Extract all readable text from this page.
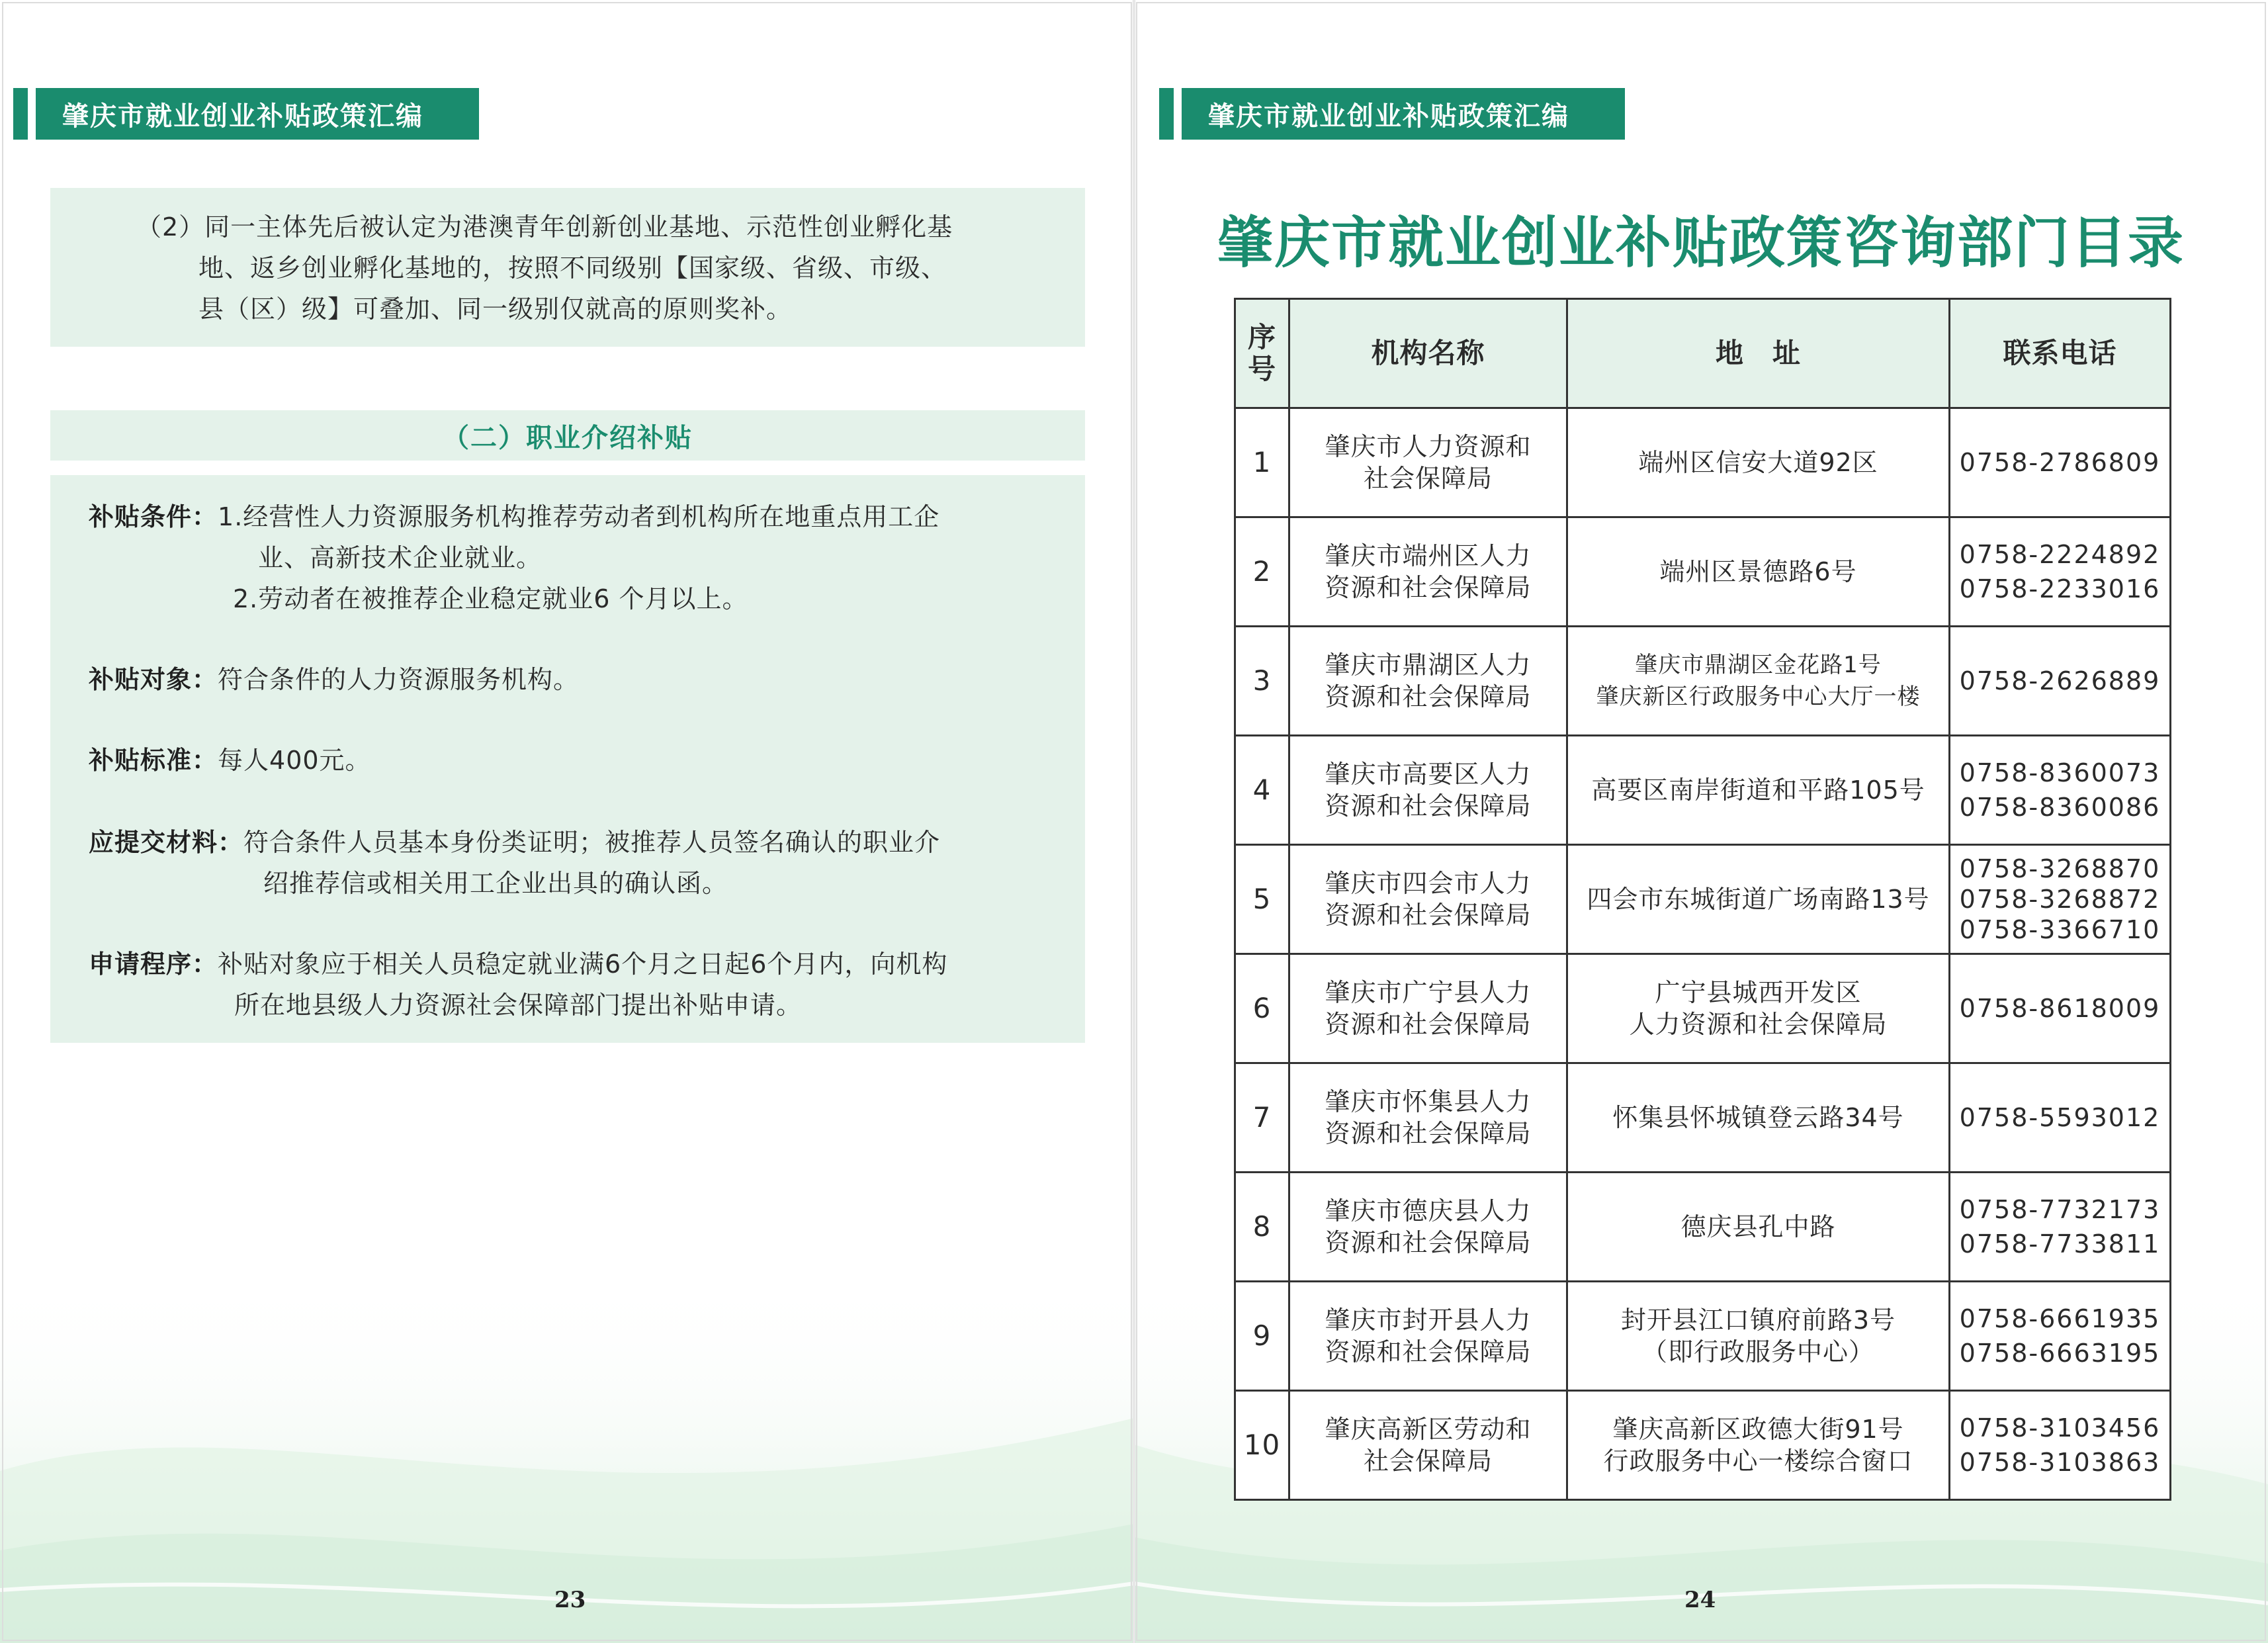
肇庆市就业创业补贴政策汇编
（2）同一主体先后被认定为港澳青年创新创业基地、示范性创业孵化基
地、返乡创业孵化基地的，按照不同级别【国家级、省级、市级、
县（区）级】可叠加、同一级别仅就高的原则奖补。
（二）职业介绍补贴
补贴条件：1.经营性人力资源服务机构推荐劳动者到机构所在地重点用工企
业、高新技术企业就业。
2.劳动者在被推荐企业稳定就业6 个月以上。
补贴对象：符合条件的人力资源服务机构。
补贴标准：每人400元。
应提交材料：符合条件人员基本身份类证明；被推荐人员签名确认的职业介
绍推荐信或相关用工企业出具的确认函。
申请程序：补贴对象应于相关人员稳定就业满6个月之日起6个月内，向机构
所在地县级人力资源社会保障部门提出补贴申请。
23
肇庆市就业创业补贴政策汇编
肇庆市就业创业补贴政策咨询部门目录
序
号	机构名称	地　址	联系电话
1	肇庆市人力资源和
社会保障局	端州区信安大道92区	0758-2786809

2	肇庆市端州区人力
资源和社会保障局	端州区景德路6号	0758-2224892
0758-2233016

3	肇庆市鼎湖区人力
资源和社会保障局	肇庆市鼎湖区金花路1号
肇庆新区行政服务中心大厅一楼	0758-2626889

4	肇庆市高要区人力
资源和社会保障局	高要区南岸街道和平路105号	0758-8360073
0758-8360086

5	肇庆市四会市人力
资源和社会保障局	四会市东城街道广场南路13号	0758-3268870
0758-3268872
0758-3366710

6	肇庆市广宁县人力
资源和社会保障局	广宁县城西开发区
人力资源和社会保障局	0758-8618009

7	肇庆市怀集县人力
资源和社会保障局	怀集县怀城镇登云路34号	0758-5593012

8	肇庆市德庆县人力
资源和社会保障局	德庆县孔中路	0758-7732173
0758-7733811

9	肇庆市封开县人力
资源和社会保障局	封开县江口镇府前路3号
（即行政服务中心）	0758-6661935
0758-6663195

10	肇庆高新区劳动和
社会保障局	肇庆高新区政德大街91号
行政服务中心一楼综合窗口	0758-3103456
0758-3103863
24
